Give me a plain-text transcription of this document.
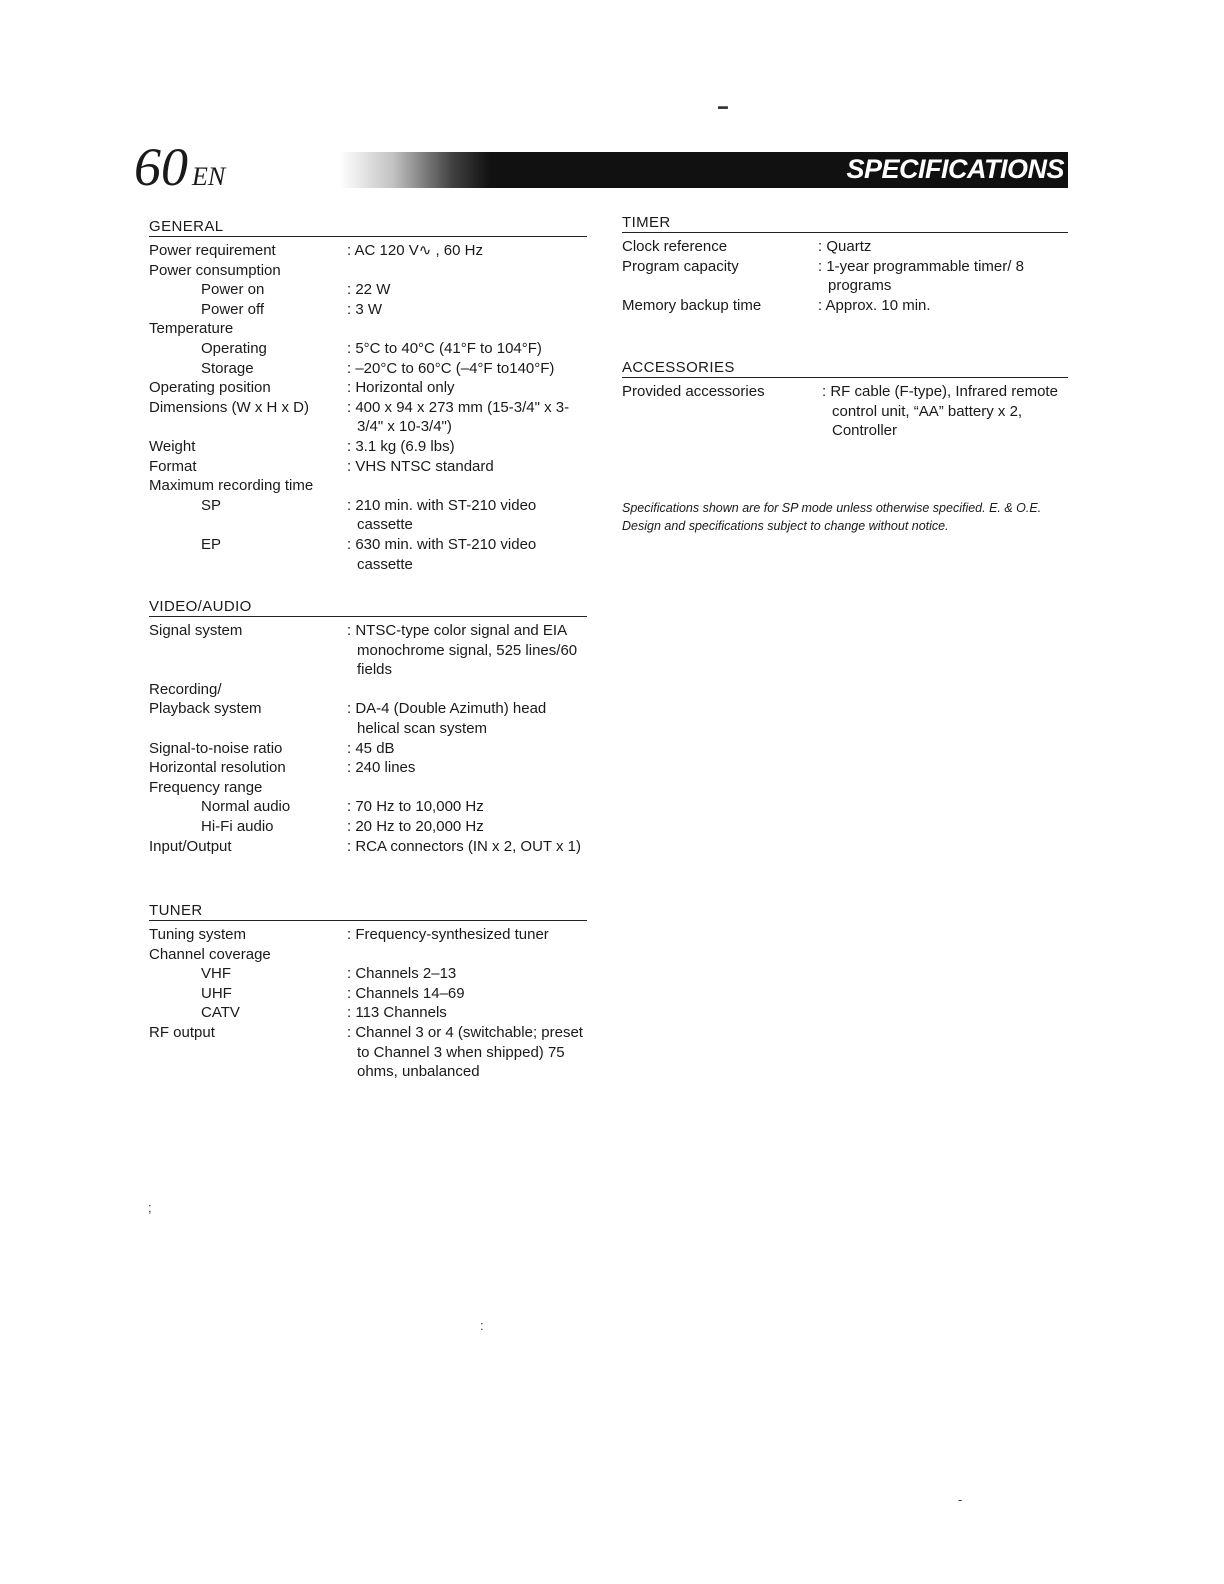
60 EN	SPECIFICATIONS
GENERAL
Power requirement	: AC 120 V∿ , 60 Hz
Power consumption
Power on	: 22 W
Power off	: 3 W
Temperature
Operating	: 5°C to 40°C (41°F to 104°F)
Storage	: –20°C to 60°C (–4°F to140°F)
Operating position	: Horizontal only
Dimensions (W x H x D)	: 400 x 94 x 273 mm (15-3/4" x 3-3/4" x 10-3/4")
Weight	: 3.1 kg (6.9 lbs)
Format	: VHS NTSC standard
Maximum recording time
SP	: 210 min. with ST-210 video cassette
EP	: 630 min. with ST-210 video cassette
VIDEO/AUDIO
Signal system	: NTSC-type color signal and EIA monochrome signal, 525 lines/60 fields
Recording/
Playback system	: DA-4 (Double Azimuth) head helical scan system
Signal-to-noise ratio	: 45 dB
Horizontal resolution	: 240 lines
Frequency range
Normal audio	: 70 Hz to 10,000 Hz
Hi-Fi audio	: 20 Hz to 20,000 Hz
Input/Output	: RCA connectors (IN x 2, OUT x 1)
TUNER
Tuning system	: Frequency-synthesized tuner
Channel coverage
VHF	: Channels 2–13
UHF	: Channels 14–69
CATV	: 113 Channels
RF output	: Channel 3 or 4 (switchable; preset to Channel 3 when shipped) 75 ohms, unbalanced
TIMER
Clock reference	: Quartz
Program capacity	: 1-year programmable timer/ 8 programs
Memory backup time	: Approx. 10 min.
ACCESSORIES
Provided accessories	: RF cable (F-type), Infrared remote control unit, “AA” battery x 2, Controller
Specifications shown are for SP mode unless otherwise specified. E. & O.E. Design and specifications subject to change without notice.
━
;
:
-
